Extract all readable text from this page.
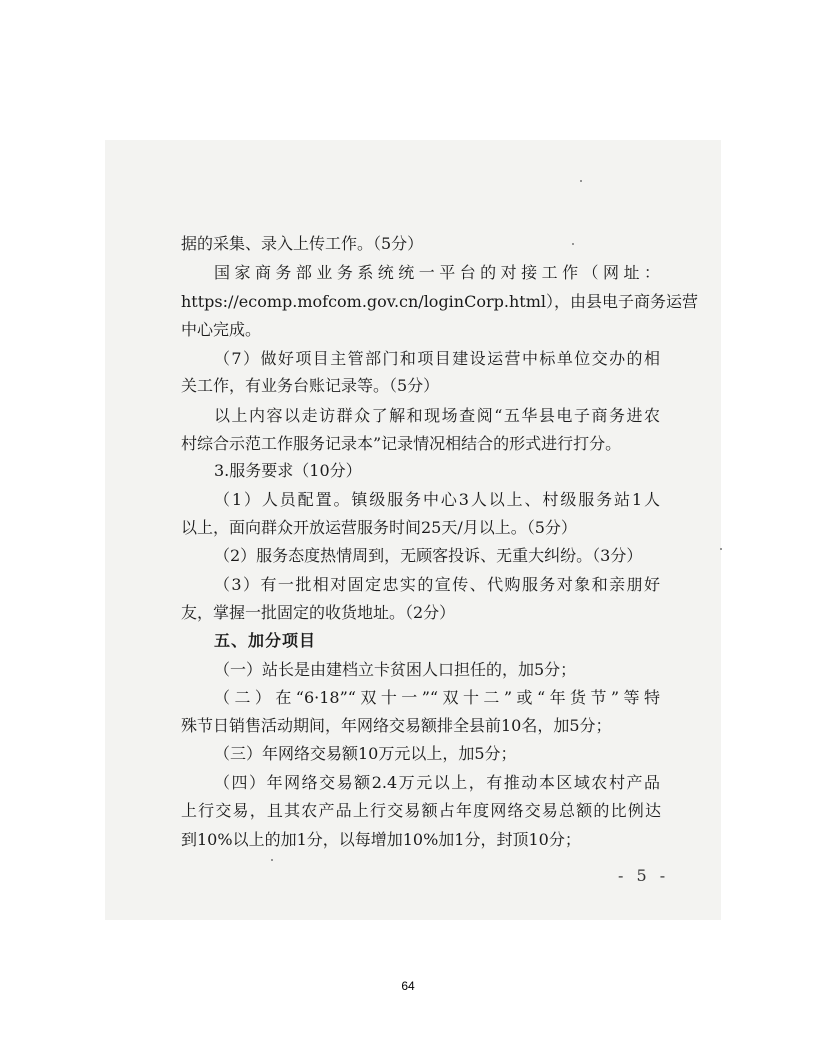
据的采集、录入上传工作。（5分）

国家商务部业务系统统一平台的对接工作（网址：

https://ecomp.mofcom.gov.cn/loginCorp.html），由县电子商务运营

中心完成。

（7）做好项目主管部门和项目建设运营中标单位交办的相

关工作，有业务台账记录等。（5分）

以上内容以走访群众了解和现场查阅“五华县电子商务进农

村综合示范工作服务记录本”记录情况相结合的形式进行打分。

3.服务要求（10分）

（1）人员配置。镇级服务中心3人以上、村级服务站1人

以上，面向群众开放运营服务时间25天/月以上。（5分）

（2）服务态度热情周到，无顾客投诉、无重大纠纷。（3分）

（3）有一批相对固定忠实的宣传、代购服务对象和亲朋好

友，掌握一批固定的收货地址。（2分）

五、加分项目

（一）站长是由建档立卡贫困人口担任的，加5分；

（二）在“6·18”“双十一”“双十二”或“年货节”等特

殊节日销售活动期间，年网络交易额排全县前10名，加5分；

（三）年网络交易额10万元以上，加5分；

（四）年网络交易额2.4万元以上，有推动本区域农村产品

上行交易，且其农产品上行交易额占年度网络交易总额的比例达

到10%以上的加1分，以每增加10%加1分，封顶10分；

- 5 -
64
